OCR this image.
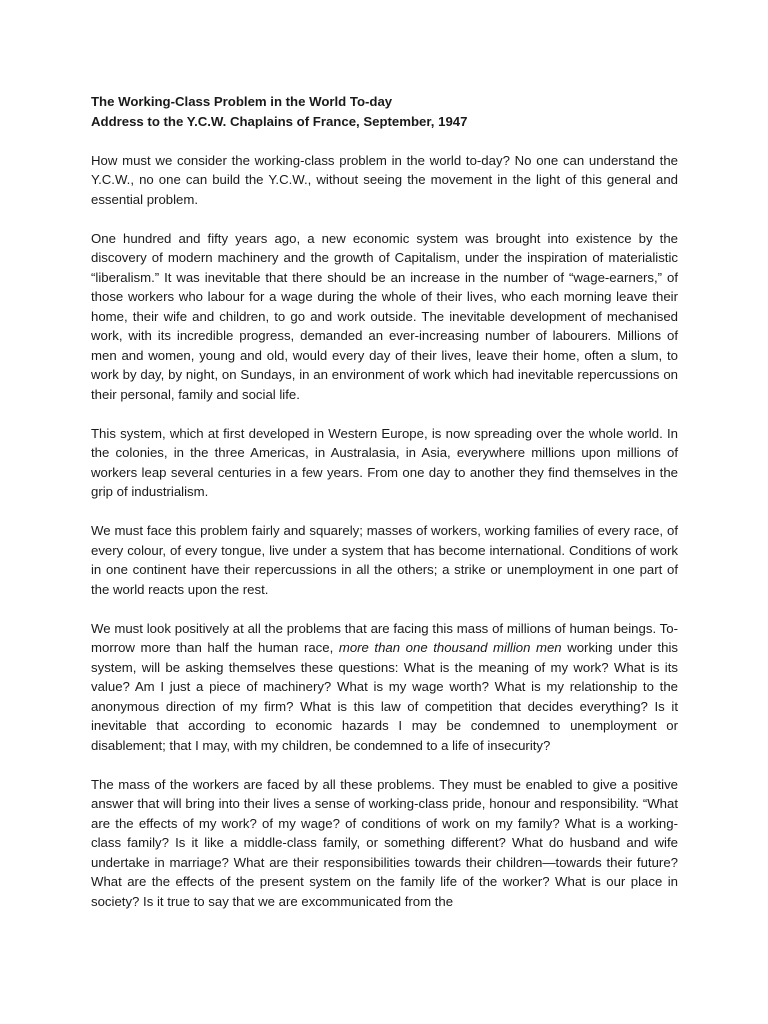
The Working-Class Problem in the World To-day
Address to the Y.C.W. Chaplains of France, September, 1947

How must we consider the working-class problem in the world to-day? No one can understand the Y.C.W., no one can build the Y.C.W., without seeing the movement in the light of this general and essential problem.

One hundred and fifty years ago, a new economic system was brought into existence by the discovery of modern machinery and the growth of Capitalism, under the inspiration of materialistic “liberalism.” It was inevitable that there should be an increase in the number of “wage-earners,” of those workers who labour for a wage during the whole of their lives, who each morning leave their home, their wife and children, to go and work outside. The inevitable development of mechanised work, with its incredible progress, demanded an ever-increasing number of labourers. Millions of men and women, young and old, would every day of their lives, leave their home, often a slum, to work by day, by night, on Sundays, in an environment of work which had inevitable repercussions on their personal, family and social life.

This system, which at first developed in Western Europe, is now spreading over the whole world. In the colonies, in the three Americas, in Australasia, in Asia, everywhere millions upon millions of workers leap several centuries in a few years. From one day to another they find themselves in the grip of industrialism.

We must face this problem fairly and squarely; masses of workers, working families of every race, of every colour, of every tongue, live under a system that has become international. Conditions of work in one continent have their repercussions in all the others; a strike or unemployment in one part of the world reacts upon the rest.

We must look positively at all the problems that are facing this mass of millions of human beings. To-morrow more than half the human race, more than one thousand million men working under this system, will be asking themselves these questions: What is the meaning of my work? What is its value? Am I just a piece of machinery? What is my wage worth? What is my relationship to the anonymous direction of my firm? What is this law of competition that decides everything? Is it inevitable that according to economic hazards I may be condemned to unemployment or disablement; that I may, with my children, be condemned to a life of insecurity?

The mass of the workers are faced by all these problems. They must be enabled to give a positive answer that will bring into their lives a sense of working-class pride, honour and responsibility. “What are the effects of my work? of my wage? of conditions of work on my family? What is a working-class family? Is it like a middle-class family, or something different? What do husband and wife undertake in marriage? What are their responsibilities towards their children—towards their future? What are the effects of the present system on the family life of the worker? What is our place in society? Is it true to say that we are excommunicated from the
